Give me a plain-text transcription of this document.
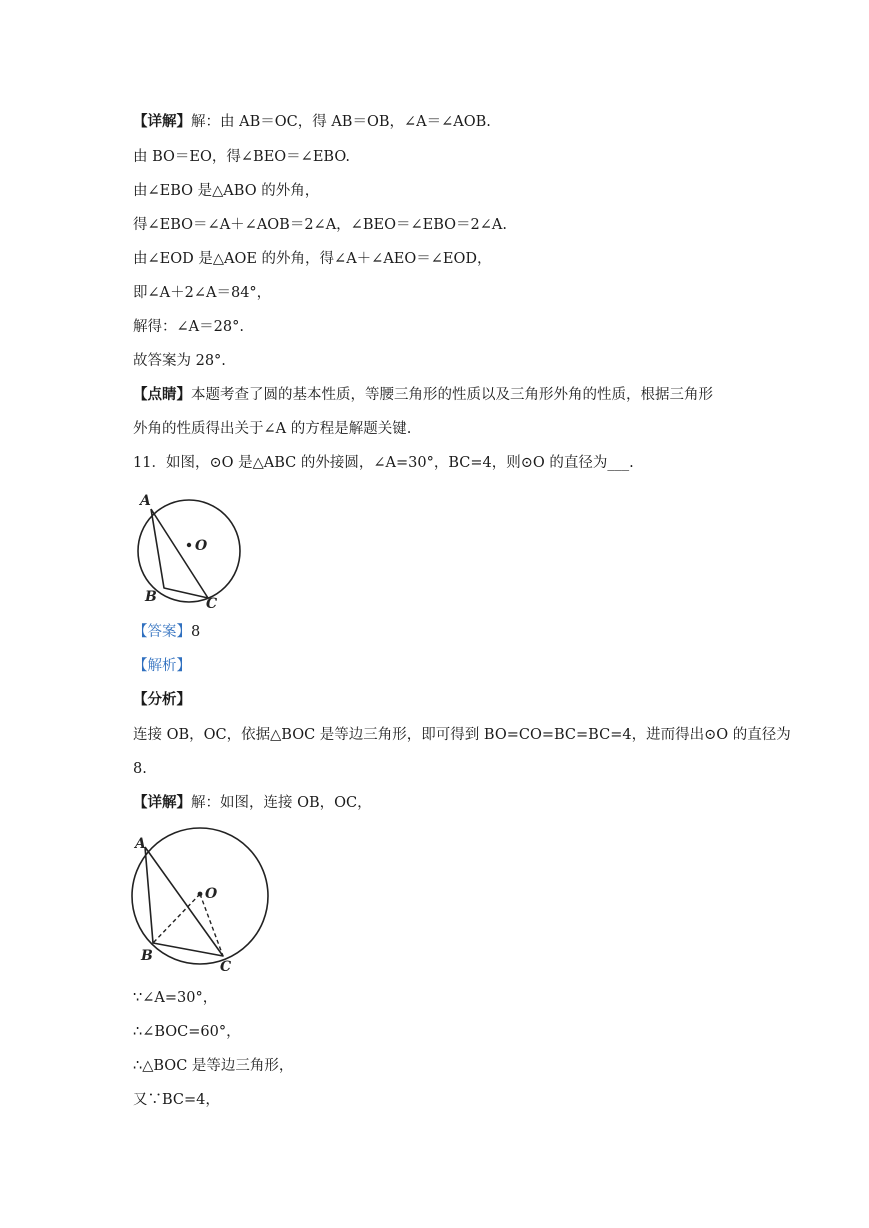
【详解】解：由 AB＝OC，得 AB＝OB，∠A＝∠AOB.
由 BO＝EO，得∠BEO＝∠EBO.
由∠EBO 是△ABO 的外角，
得∠EBO＝∠A＋∠AOB＝2∠A，∠BEO＝∠EBO＝2∠A.
由∠EOD 是△AOE 的外角，得∠A＋∠AEO＝∠EOD，
即∠A＋2∠A＝84°，
解得：∠A＝28°.
故答案为 28°.
【点睛】本题考查了圆的基本性质，等腰三角形的性质以及三角形外角的性质，根据三角形
外角的性质得出关于∠A 的方程是解题关键.
11．如图，⊙O 是△ABC 的外接圆，∠A=30°，BC=4，则⊙O 的直径为___.
A
O
B	C
【答案】8
【解析】
【分析】
连接 OB，OC，依据△BOC 是等边三角形，即可得到 BO=CO=BC=BC=4，进而得出⊙O 的直径为
8.
【详解】解：如图，连接 OB，OC，
A
O
B
C
∵∠A=30°，
∴∠BOC=60°，
∴△BOC 是等边三角形，
又∵BC=4，
